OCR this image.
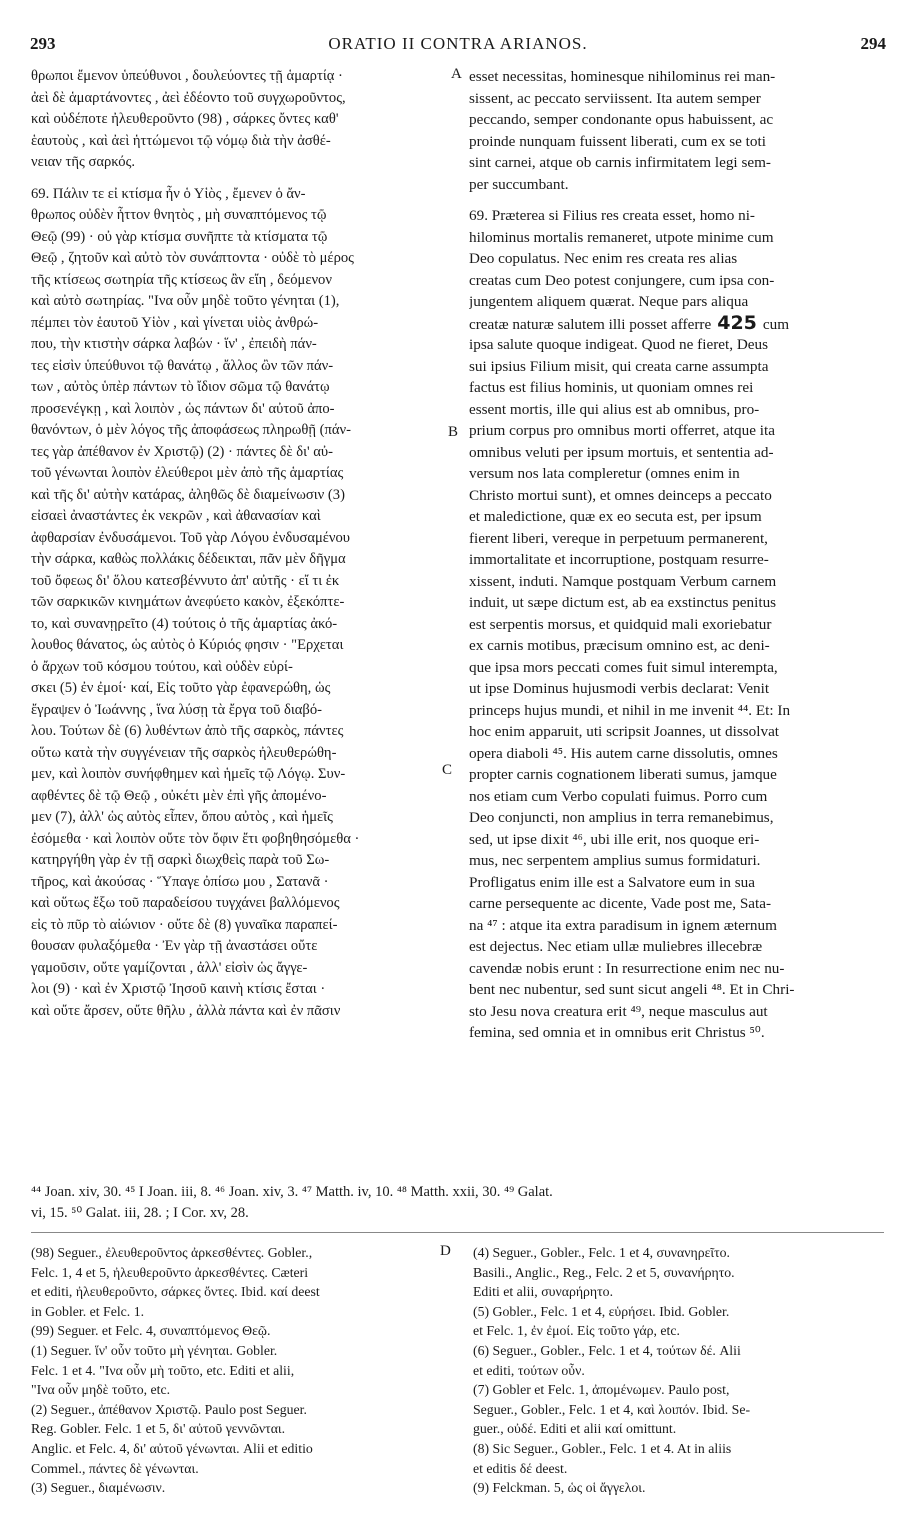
293	ORATIO II CONTRA ARIANOS.	294
θρωποι ἔμενον ὑπεύθυνοι , δουλεύοντες τῇ ἁμαρτίᾳ ·
ἀεὶ δὲ ἁμαρτάνοντες , ἀεὶ ἐδέοντο τοῦ συγχωροῦντος,
καὶ οὐδέποτε ἠλευθεροῦντο (98) , σάρκες ὄντες καθ'
ἑαυτοὺς , καὶ ἀεὶ ἡττώμενοι τῷ νόμῳ διὰ τὴν ἀσθέ-
νειαν τῆς σαρκός.
69. Πάλιν τε εἰ κτίσμα ἦν ὁ Υἱὸς , ἔμενεν ὁ ἄν-
θρωπος οὐδὲν ἧττον θνητὸς , μὴ συναπτόμενος τῷ
Θεῷ (99) · οὐ γὰρ κτίσμα συνῆπτε τὰ κτίσματα τῷ
Θεῷ , ζητοῦν καὶ αὐτὸ τὸν συνάπτοντα · οὐδὲ τὸ μέρος
τῆς κτίσεως σωτηρία τῆς κτίσεως ἂν εἴη , δεόμενον
καὶ αὐτὸ σωτηρίας. "Ινα οὖν μηδὲ τοῦτο γένηται (1),
πέμπει τὸν ἑαυτοῦ Υἱὸν , καὶ γίνεται υἱὸς ἀνθρώ-
που, τὴν κτιστὴν σάρκα λαβών · ἵν' , ἐπειδὴ πάν-
τες εἰσὶν ὑπεύθυνοι τῷ θανάτῳ , ἄλλος ὢν τῶν πάν-
των , αὐτὸς ὑπὲρ πάντων τὸ ἴδιον σῶμα τῷ θανάτῳ
προσενέγκῃ , καὶ λοιπὸν , ὡς πάντων δι' αὐτοῦ ἀπο-
θανόντων, ὁ μὲν λόγος τῆς ἀποφάσεως πληρωθῇ (πάν-
τες γὰρ ἀπέθανον ἐν Χριστῷ) (2) · πάντες δὲ δι' αὐ-
τοῦ γένωνται λοιπὸν ἐλεύθεροι μὲν ἀπὸ τῆς ἁμαρτίας
καὶ τῆς δι' αὐτὴν κατάρας, ἀληθῶς δὲ διαμείνωσιν (3)
εἰσαεὶ ἀναστάντες ἐκ νεκρῶν , καὶ ἀθανασίαν καὶ
ἀφθαρσίαν ἐνδυσάμενοι. Τοῦ γὰρ Λόγου ἐνδυσαμένου
τὴν σάρκα, καθὼς πολλάκις δέδεικται, πᾶν μὲν δῆγμα
τοῦ ὄφεως δι' ὅλου κατεσβέννυτο ἀπ' αὐτῆς · εἴ τι ἐκ
τῶν σαρκικῶν κινημάτων ἀνεφύετο κακὸν, ἐξεκόπτε-
το, καὶ συνανῃρεῖτο (4) τούτοις ὁ τῆς ἁμαρτίας ἀκό-
λουθος θάνατος, ὡς αὐτὸς ὁ Κύριός φησιν · "Ερχεται
ὁ ἄρχων τοῦ κόσμου τούτου, καὶ οὐδὲν εὑρί-
σκει (5) ἐν ἐμοί· καί, Εἰς τοῦτο γὰρ ἐφανερώθη, ὡς
ἔγραψεν ὁ Ἰωάννης , ἵνα λύσῃ τὰ ἔργα τοῦ διαβό-
λου. Τούτων δὲ (6) λυθέντων ἀπὸ τῆς σαρκὸς, πάντες
οὕτω κατὰ τὴν συγγένειαν τῆς σαρκὸς ἠλευθερώθη-
μεν, καὶ λοιπὸν συνήφθημεν καὶ ἡμεῖς τῷ Λόγῳ. Συν-
αφθέντες δὲ τῷ Θεῷ , οὐκέτι μὲν ἐπὶ γῆς ἀπομένο-
μεν (7), ἀλλ' ὡς αὐτὸς εἶπεν, ὅπου αὐτὸς , καὶ ἡμεῖς
ἐσόμεθα · καὶ λοιπὸν οὔτε τὸν ὄφιν ἔτι φοβηθησόμεθα ·
κατηργήθη γὰρ ἐν τῇ σαρκὶ διωχθεὶς παρὰ τοῦ Σω-
τῆρος, καὶ ἀκούσας · Ὕπαγε ὀπίσω μου , Σατανᾶ ·
καὶ οὕτως ἔξω τοῦ παραδείσου τυγχάνει βαλλόμενος
εἰς τὸ πῦρ τὸ αἰώνιον · οὔτε δὲ (8) γυναῖκα παραπεί-
θουσαν φυλαξόμεθα · Ἐν γὰρ τῇ ἀναστάσει οὔτε
γαμοῦσιν, οὔτε γαμίζονται , ἀλλ' εἰσὶν ὡς ἄγγε-
λοι (9) · καὶ ἐν Χριστῷ Ἰησοῦ καινὴ κτίσις ἔσται ·
καὶ οὔτε ἄρσεν, οὔτε θῆλυ , ἀλλὰ πάντα καὶ ἐν πᾶσιν
esset necessitas, hominesque nihilominus rei man-
sissent, ac peccato serviissent. Ita autem semper
peccando, semper condonante opus habuissent, ac
proinde nunquam fuissent liberati, cum ex se toti
sint carnei, atque ob carnis infirmitatem legi sem-
per succumbant.
69. Præterea si Filius res creata esset, homo ni-
hilominus mortalis remaneret, utpote minime cum
Deo copulatus. Nec enim res creata res alias
creatas cum Deo potest conjungere, cum ipsa con-
jungentem aliquem quærat. Neque pars aliqua
creatæ naturæ salutem illi posset afferre 425 cum
ipsa salute quoque indigeat. Quod ne fieret, Deus
sui ipsius Filium misit, qui creata carne assumpta
factus est filius hominis, ut quoniam omnes rei
essent mortis, ille qui alius est ab omnibus, pro-
prium corpus pro omnibus morti offerret, atque ita
omnibus veluti per ipsum mortuis, et sententia ad-
versum nos lata compleretur (omnes enim in
Christo mortui sunt), et omnes deinceps a peccato
et maledictione, quæ ex eo secuta est, per ipsum
fierent liberi, vereque in perpetuum permanerent,
immortalitate et incorruptione, postquam resurre-
xissent, induti. Namque postquam Verbum carnem
induit, ut sæpe dictum est, ab ea exstinctus penitus
est serpentis morsus, et quidquid mali exoriebatur
ex carnis motibus, præcisum omnino est, ac deni-
que ipsa mors peccati comes fuit simul interempta,
ut ipse Dominus hujusmodi verbis declarat: Venit
princeps hujus mundi, et nihil in me invenit ⁴⁴. Et: In
hoc enim apparuit, uti scripsit Joannes, ut dissolvat
opera diaboli ⁴⁵. His autem carne dissolutis, omnes
propter carnis cognationem liberati sumus, jamque
nos etiam cum Verbo copulati fuimus. Porro cum
Deo conjuncti, non amplius in terra remanebimus,
sed, ut ipse dixit ⁴⁶, ubi ille erit, nos quoque eri-
mus, nec serpentem amplius sumus formidaturi.
Profligatus enim ille est a Salvatore eum in sua
carne persequente ac dicente, Vade post me, Sata-
na ⁴⁷ : atque ita extra paradisum in ignem æternum
est dejectus. Nec etiam ullæ muliebres illecebræ
cavendæ nobis erunt : In resurrectione enim nec nu-
bent nec nubentur, sed sunt sicut angeli ⁴⁸. Et in Chri-
sto Jesu nova creatura erit ⁴⁹, neque masculus aut
femina, sed omnia et in omnibus erit Christus ⁵⁰.
A
B
C
D
⁴⁴ Joan. xiv, 30. ⁴⁵ I Joan. iii, 8. ⁴⁶ Joan. xiv, 3. ⁴⁷ Matth. iv, 10. ⁴⁸ Matth. xxii, 30. ⁴⁹ Galat.
vi, 15. ⁵⁰ Galat. iii, 28. ; I Cor. xv, 28.
(98) Seguer., ἐλευθεροῦντος ἀρκεσθέντες. Gobler.,
Felc. 1, 4 et 5, ἠλευθεροῦντο ἀρκεσθέντες. Cæteri
et editi, ἠλευθεροῦντο, σάρκες ὄντες. Ibid. καί deest
in Gobler. et Felc. 1.
(99) Seguer. et Felc. 4, συναπτόμενος Θεῷ.
(1) Seguer. ἵν' οὖν τοῦτο μὴ γένηται. Gobler.
Felc. 1 et 4. "Ινα οὖν μὴ τοῦτο, etc. Editi et alii,
"Ινα οὖν μηδὲ τοῦτο, etc.
(2) Seguer., ἀπέθανον Χριστῷ. Paulo post Seguer.
Reg. Gobler. Felc. 1 et 5, δι' αὐτοῦ γεννῶνται.
Anglic. et Felc. 4, δι' αὐτοῦ γένωνται. Alii et editio
Commel., πάντες δὲ γένωνται.
(3) Seguer., διαμένωσιν.
(4) Seguer., Gobler., Felc. 1 et 4, συνανηρεῖτο.
Basili., Anglic., Reg., Felc. 2 et 5, συνανήρητο.
Editi et alii, συναρήρητο.
(5) Gobler., Felc. 1 et 4, εὑρήσει. Ibid. Gobler.
et Felc. 1, ἐν ἐμοί. Εἰς τοῦτο γάρ, etc.
(6) Seguer., Gobler., Felc. 1 et 4, τούτων δέ. Alii
et editi, τούτων οὖν.
(7) Gobler et Felc. 1, ἀπομένωμεν. Paulo post,
Seguer., Gobler., Felc. 1 et 4, καὶ λοιπόν. Ibid. Se-
guer., οὐδέ. Editi et alii καί omittunt.
(8) Sic Seguer., Gobler., Felc. 1 et 4. At in aliis
et editis δέ deest.
(9) Felckman. 5, ὡς οἱ ἄγγελοι.
